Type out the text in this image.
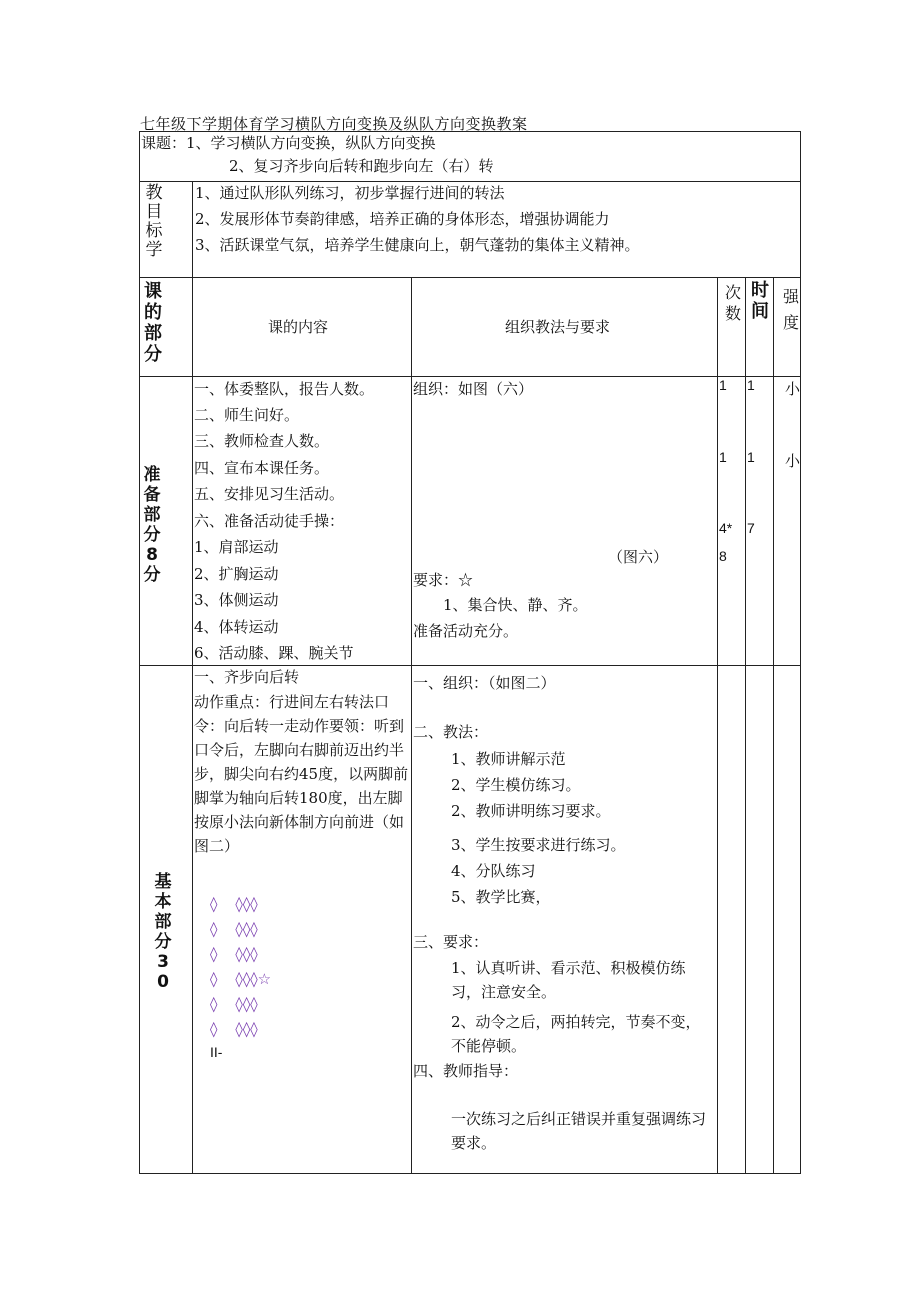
七年级下学期体育学习横队方向变换及纵队方向变换教案
课题：1、学习横队方向变换，纵队方向变换
2、复习齐步向后转和跑步向左（右）转
教目标学
1、通过队形队列练习，初步掌握行进间的转法
2、发展形体节奏韵律感，培养正确的身体形态，增强协调能力
3、活跃课堂气氛，培养学生健康向上，朝气蓬勃的集体主义精神。
课的部分
课的内容	组织教法与要求
次数
时间
强度
准备部分8分
一、体委整队，报告人数。
二、师生问好。
三、教师检查人数。
四、宣布本课任务。
五、安排见习生活动。
六、准备活动徒手操：
1、肩部运动
2、扩胸运动
3、体侧运动
4、体转运动
6、活动膝、踝、腕关节
组织：如图（六）
（图六）
要求：☆
1、集合快、静、齐。
准备活动充分。
1
1
4*
8
1
1
7
小
小
基本部分30
一、齐步向后转
动作重点：行进间左右转法口令：向后转一走动作要领：听到口令后，左脚向右脚前迈出约半步，脚尖向右约45度，以两脚前脚掌为轴向后转180度，出左脚按原小法向新体制方向前进（如图二）
◊ ◊◊◊
◊ ◊◊◊
◊ ◊◊◊
◊ ◊◊◊☆
◊ ◊◊◊
◊ ◊◊◊
II-
一、组织：（如图二）
二、教法：
1、教师讲解示范
2、学生模仿练习。
2、教师讲明练习要求。
3、学生按要求进行练习。
4、分队练习
5、教学比赛，
三、要求：
1、认真听讲、看示范、积极模仿练习，注意安全。
2、动令之后，两拍转完，节奏不变，不能停顿。
四、教师指导：
一次练习之后纠正错误并重复强调练习要求。
